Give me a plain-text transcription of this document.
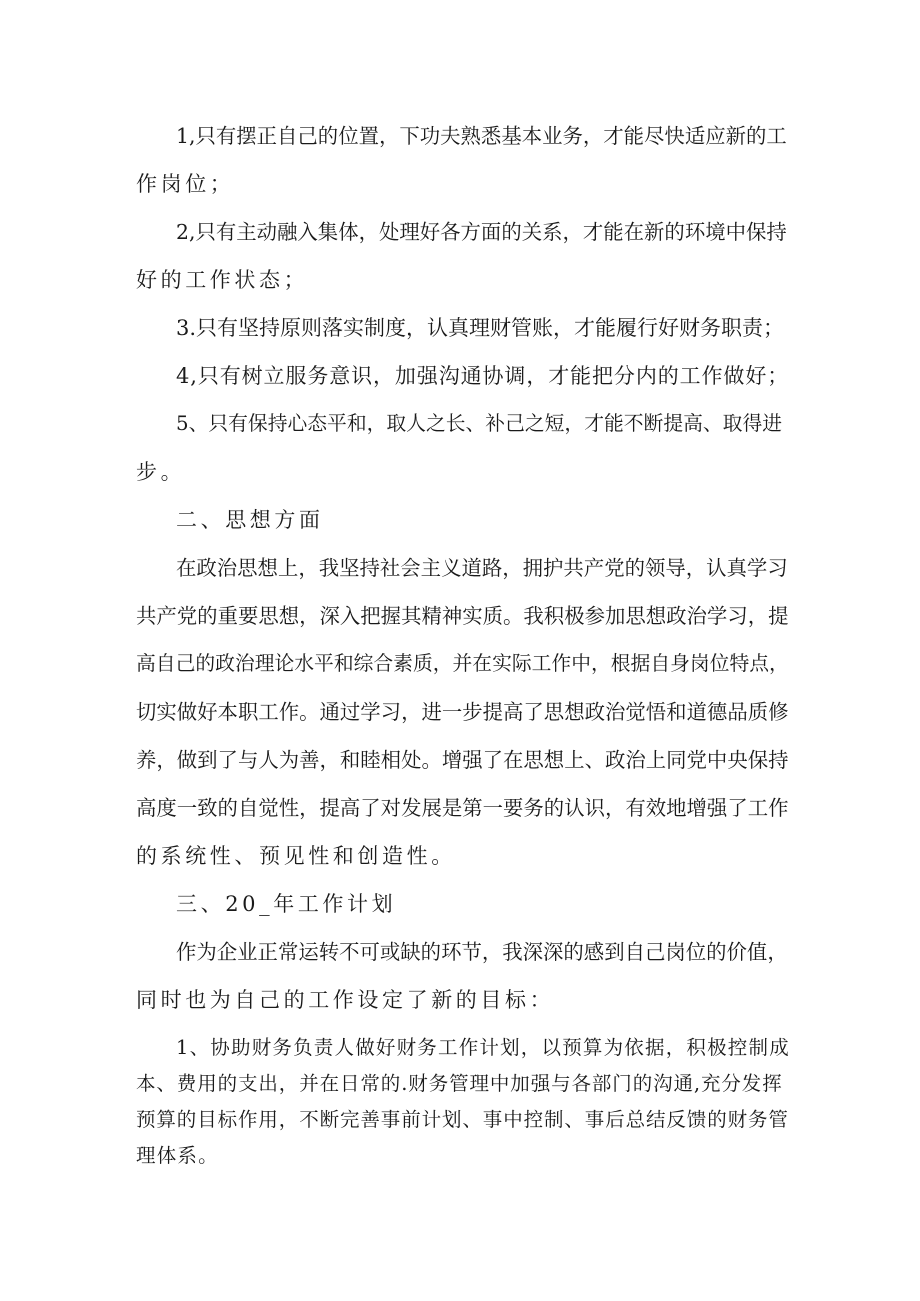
1,只有摆正自己的位置，下功夫熟悉基本业务，才能尽快适应新的工
作岗位；
2,只有主动融入集体，处理好各方面的关系，才能在新的环境中保持
好的工作状态；
3.只有坚持原则落实制度，认真理财管账，才能履行好财务职责；
4,只有树立服务意识，加强沟通协调，才能把分内的工作做好；
5、只有保持心态平和，取人之长、补己之短，才能不断提高、取得进
步。
二、思想方面
在政治思想上，我坚持社会主义道路，拥护共产党的领导，认真学习
共产党的重要思想，深入把握其精神实质。我积极参加思想政治学习，提
高自己的政治理论水平和综合素质，并在实际工作中，根据自身岗位特点，
切实做好本职工作。通过学习，进一步提高了思想政治觉悟和道德品质修
养，做到了与人为善，和睦相处。增强了在思想上、政治上同党中央保持
高度一致的自觉性，提高了对发展是第一要务的认识，有效地增强了工作
的系统性、预见性和创造性。
三、20_年工作计划
作为企业正常运转不可或缺的环节，我深深的感到自己岗位的价值，
同时也为自己的工作设定了新的目标：
1、协助财务负责人做好财务工作计划，以预算为依据，积极控制成
本、费用的支出，并在日常的.财务管理中加强与各部门的沟通,充分发挥
预算的目标作用，不断完善事前计划、事中控制、事后总结反馈的财务管
理体系。
